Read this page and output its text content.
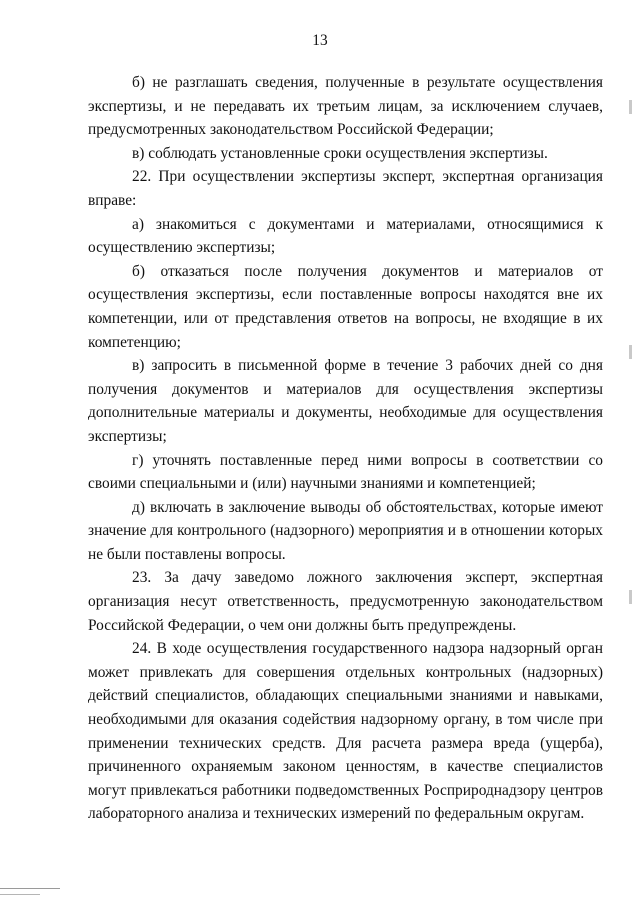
13

б) не разглашать сведения, полученные в результате осуществления экспертизы, и не передавать их третьим лицам, за исключением случаев, предусмотренных законодательством Российской Федерации;

в) соблюдать установленные сроки осуществления экспертизы.

22. При осуществлении экспертизы эксперт, экспертная организация вправе:

а) знакомиться с документами и материалами, относящимися к осуществлению экспертизы;

б) отказаться после получения документов и материалов от осуществления экспертизы, если поставленные вопросы находятся вне их компетенции, или от представления ответов на вопросы, не входящие в их компетенцию;

в) запросить в письменной форме в течение 3 рабочих дней со дня получения документов и материалов для осуществления экспертизы дополнительные материалы и документы, необходимые для осуществления экспертизы;

г) уточнять поставленные перед ними вопросы в соответствии со своими специальными и (или) научными знаниями и компетенцией;

д) включать в заключение выводы об обстоятельствах, которые имеют значение для контрольного (надзорного) мероприятия и в отношении которых не были поставлены вопросы.

23. За дачу заведомо ложного заключения эксперт, экспертная организация несут ответственность, предусмотренную законодательством Российской Федерации, о чем они должны быть предупреждены.

24. В ходе осуществления государственного надзора надзорный орган может привлекать для совершения отдельных контрольных (надзорных) действий специалистов, обладающих специальными знаниями и навыками, необходимыми для оказания содействия надзорному органу, в том числе при применении технических средств. Для расчета размера вреда (ущерба), причиненного охраняемым законом ценностям, в качестве специалистов могут привлекаться работники подведомственных Росприроднадзору центров лабораторного анализа и технических измерений по федеральным округам.
